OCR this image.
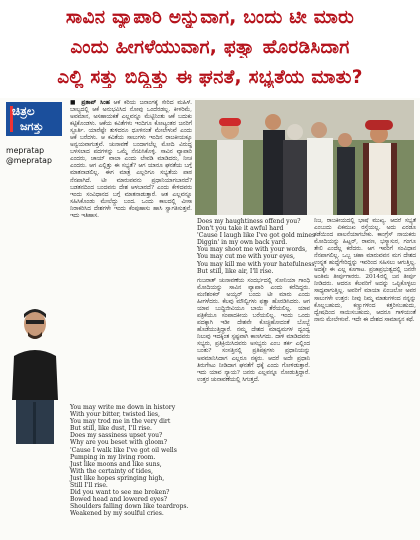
ಸಾವಿನ ವ್ಯಾಪಾರಿ ಅನ್ನುವಾಗ, ಬಂದು ಟೀ ಮಾರು
ಎಂದು ಹೀಗಳೆಯುವಾಗ, ಫತ್ವಾ ಹೊರಡಿಸಿದಾಗ
ಎಲ್ಲಿ ಸತ್ತು ಬಿದ್ದಿತ್ತು ಈ ಘನತೆ, ಸಭ್ಯತೆಯ ಮಾತು?
ಚಿತ್ರಲ
ಜಗತ್ತು
mepratap
@mepratap
■ ಪ್ರತಾಪ್ ಸಿಂಹ ಆಕೆ ಕರಿಯ ಜನಾಂಗಕ್ಕೆ ಸೇರಿದ ಮಹಿಳೆ. ಬಾಲ್ಯದಲ್ಲಿ ಆಕೆ ಅನುಭವಿಸಿದ ನೋವು ಒಂದೆರಡಲ್ಲ. ಕೀಳರಿಮೆ, ಅವಮಾನ, ಅಸಹಾಯಕತೆ ಎಲ್ಲವನ್ನೂ ಮೆಟ್ಟಿನಿಂತು ಆಕೆ ಬದುಕು ಕಟ್ಟಿಕೊಂಡಳು. ಆಕೆಯ ಕವಿತೆಗಳು ಇಂದಿಗೂ ಕೋಟ್ಯಂತರ ಜನರಿಗೆ ಸ್ಫೂರ್ತಿ. ಯಾರೆಷ್ಟೇ ತುಳಿದರೂ ಧೂಳಿನಂತೆ ಮೇಲೇಳುವೆ ಎಂದು ಆಕೆ ಬರೆದಳು. ಆ ಕವಿತೆಯ ಸಾಲುಗಳು ಇಂದಿನ ರಾಜಕೀಯಕ್ಕೂ ಅನ್ವಯವಾಗುತ್ತವೆ. ಚುನಾವಣೆ ಬಂದಾಗಲೆಲ್ಲ ಮೋದಿ ವಿರುದ್ಧ ಬಳಸಲಾದ ಪದಗಳನ್ನು ಒಮ್ಮೆ ನೆನಪಿಸಿಕೊಳ್ಳಿ. ಸಾವಿನ ವ್ಯಾಪಾರಿ ಎಂದರು, ಚಾಯ್ ವಾಲಾ ಎಂದು ಲೇವಡಿ ಮಾಡಿದರು, ನೀಚ ಎಂದರು. ಆಗ ಎಲ್ಲಿತ್ತು ಈ ಸಭ್ಯತೆ? ಆಗ ಯಾರೂ ಘನತೆಯ ಬಗ್ಗೆ ಮಾತನಾಡಲಿಲ್ಲ. ಈಗ ಮಾತ್ರ ಎಲ್ಲರಿಗೂ ಸಭ್ಯತೆಯ ಪಾಠ ನೆನಪಾಗಿದೆ. ಟೀ ಮಾರುವವನು ಪ್ರಧಾನಿಯಾಗಬಾರದೆ? ಬಡತನದಿಂದ ಬಂದವನು ದೇಶ ಆಳಬಾರದೆ? ಎಂದು ಕೇಳಿದವರು ಇಂದು ಸಂವಿಧಾನದ ಬಗ್ಗೆ ಮಾತನಾಡುತ್ತಾರೆ. ಆತ ಎಲ್ಲವನ್ನೂ ಸಹಿಸಿಕೊಂಡು ಮೇಲೆದ್ದು ಬಂದ. ಒಂದು ಕಾಲದಲ್ಲಿ ವೀಸಾ ನಿರಾಕರಿಸಿದ ದೇಶಗಳೇ ಇಂದು ಕೆಂಪುಹಾಸು ಹಾಸಿ ಸ್ವಾಗತಿಸುತ್ತವೆ. ಇದು ಇತಿಹಾಸ.
You may write me down in history
With your bitter, twisted lies,
You may trod me in the very dirt
But still, like dust, I'll rise.
Does my sassiness upset you?
Why are you beset with gloom?
'Cause I walk like I've got oil wells
Pumping in my living room.
Just like moons and like suns,
With the certainty of tides,
Just like hopes springing high,
Still I'll rise.
Did you want to see me broken?
Bowed head and lowered eyes?
Shoulders falling down like teardrops.
Weakened by my soulful cries.
Does my haughtiness offend you?
Don't you take it awful hard
'Cause I laugh like I've got gold mines
Diggin' in my own back yard.
You may shoot me with your words,
You may cut me with your eyes,
You may kill me with your hatefulness,
But still, like air, I'll rise.
ಗುಜರಾತ್ ಚುನಾವಣೆಯ ಸಂದರ್ಭದಲ್ಲಿ ಸೋನಿಯಾ ಗಾಂಧಿ ಮೋದಿಯನ್ನು ಸಾವಿನ ವ್ಯಾಪಾರಿ ಎಂದು ಕರೆದಿದ್ದರು. ಮಣಿಶಂಕರ್ ಅಯ್ಯರ್ ಬಂದು ಟೀ ಮಾರು ಎಂದು ಹೀಗಳೆದರು. ಕೆಲವು ಮೌಲ್ವಿಗಳು ಫತ್ವಾ ಹೊರಡಿಸಿದರು. ಆಗ ಯಾವ ಬುದ್ಧಿಜೀವಿಯೂ ಬಾಯಿ ತೆರೆಯಲಿಲ್ಲ. ಯಾವ ಪತ್ರಿಕೆಯೂ ಸಂಪಾದಕೀಯ ಬರೆಯಲಿಲ್ಲ. ಇಂದು ಒಂದು ಪದಕ್ಕಾಗಿ ಇಡೀ ದೇಶವೇ ಕೊಚ್ಚಿಹೋದಂತೆ ಬೊಬ್ಬೆ ಹೊಡೆಯುತ್ತಿದ್ದಾರೆ. ನಮ್ಮ ದೇಶದ ಮಾಧ್ಯಮಗಳ ದ್ವಂದ್ವ ನಿಲುವು ಇದಕ್ಕಿಂತ ಸ್ಪಷ್ಟವಾಗಿ ಕಾಣಸಿಗದು. ದಾಳಿ ಮಾಡಿದವರು ಸಭ್ಯರು, ಪ್ರತಿಕ್ರಿಯಿಸಿದವರು ಅಸಭ್ಯರು ಎಂಬ ತರ್ಕ ಎಲ್ಲಿಂದ ಬಂತು? ಸಂಸತ್ತಿನಲ್ಲಿ ಪ್ರತಿಪಕ್ಷಗಳು ಪ್ರಧಾನಿಯನ್ನು ಅವಮಾನಿಸಿದಾಗ ಎಲ್ಲರೂ ನಕ್ಕರು. ಆದರೆ ಅದೇ ಪ್ರಧಾನಿ ತಿರುಗೇಟು ನೀಡಿದಾಗ ಘನತೆಗೆ ಧಕ್ಕೆ ಎಂದು ಗೋಳಿಡುತ್ತಾರೆ. ಇದು ಯಾವ ನ್ಯಾಯ? ಜನರು ಎಲ್ಲವನ್ನೂ ನೋಡುತ್ತಿದ್ದಾರೆ. ಉತ್ತರ ಚುನಾವಣೆಯಲ್ಲಿ ಸಿಗುತ್ತದೆ.
ನಿಜ, ರಾಜಕೀಯದಲ್ಲಿ ಭಾಷೆ ಮುಖ್ಯ. ಆದರೆ ಸಭ್ಯತೆ ಎಂಬುದು ಏಕಮುಖ ರಸ್ತೆಯಲ್ಲ. ಅದು ಎರಡೂ ಕಡೆಯಿಂದ ಪಾಲನೆಯಾಗಬೇಕು. ಕಾಂಗ್ರೆಸ್ ನಾಯಕರು ಮೋದಿಯನ್ನು ಹಿಟ್ಲರ್, ರಾವಣ, ಭಸ್ಮಾಸುರ, ಗಂಗೂ ತೇಲಿ ಎಂದೆಲ್ಲ ಕರೆದರು. ಆಗ ಇವರಿಗೆ ಸಂವಿಧಾನ ನೆನಪಾಗಲಿಲ್ಲ. ಒಬ್ಬ ಚಹಾ ಮಾರುವವನ ಮಗ ದೇಶದ ಉನ್ನತ ಹುದ್ದೆಗೇರಿದ್ದನ್ನು ಇವರಿಂದ ಸಹಿಸಲು ಆಗುತ್ತಿಲ್ಲ. ಅದಕ್ಕೇ ಈ ಎಲ್ಲ ಕೂಗಾಟ. ಪ್ರಜಾಪ್ರಭುತ್ವದಲ್ಲಿ ಜನರೇ ಅಂತಿಮ ತೀರ್ಪುಗಾರರು. 2014ರಲ್ಲಿ ಜನ ತೀರ್ಪು ನೀಡಿದರು. ಆದರೂ ಕೆಲವರಿಗೆ ಅದನ್ನು ಒಪ್ಪಿಕೊಳ್ಳಲು ಸಾಧ್ಯವಾಗುತ್ತಿಲ್ಲ. ಅವರಿಗೆ ಮಾಯಾ ಏಂಜಲೋ ಅವರ ಸಾಲುಗಳೇ ಉತ್ತರ: ನೀವು ನಿಮ್ಮ ಮಾತುಗಳಿಂದ ನನ್ನನ್ನು ಕೊಲ್ಲಬಹುದು, ಕಣ್ಣುಗಳಿಂದ ಕತ್ತರಿಸಬಹುದು, ದ್ವೇಷದಿಂದ ಸಾಯಿಸಬಹುದು, ಆದರೂ ಗಾಳಿಯಂತೆ ನಾನು ಮೇಲೇಳುವೆ. ಇದೇ ಈ ದೇಶದ ಸಾಮಾನ್ಯನ ಕಥೆ.
